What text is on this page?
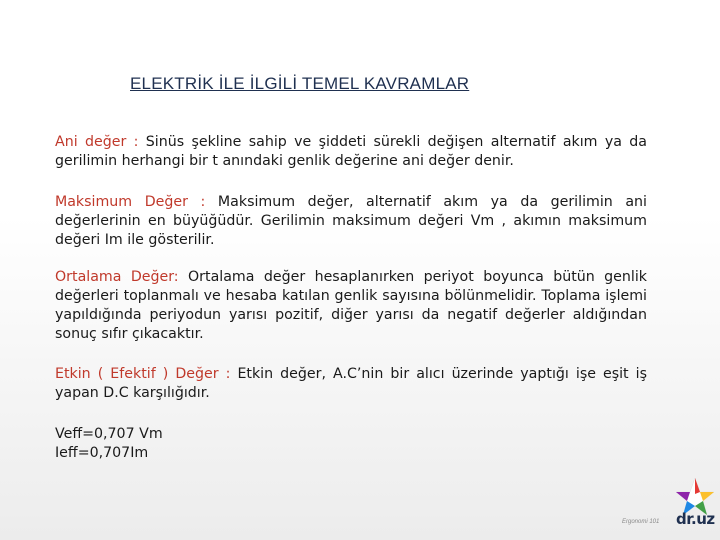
ELEKTRİK İLE İLGİLİ TEMEL KAVRAMLAR
Ani değer : Sinüs şekline sahip ve şiddeti sürekli değişen alternatif akım ya da gerilimin herhangi bir t anındaki genlik değerine ani değer denir.
Maksimum Değer : Maksimum değer, alternatif akım ya da gerilimin ani değerlerinin en büyüğüdür. Gerilimin maksimum değeri Vm , akımın maksimum değeri Im ile gösterilir.
Ortalama Değer: Ortalama değer hesaplanırken periyot boyunca bütün genlik değerleri toplanmalı ve hesaba katılan genlik sayısına bölünmelidir. Toplama işlemi yapıldığında periyodun yarısı pozitif, diğer yarısı da negatif değerler aldığından sonuç sıfır çıkacaktır.
Etkin ( Efektif ) Değer : Etkin değer, A.C’nin bir alıcı üzerinde yaptığı işe eşit iş yapan D.C karşılığıdır.
Veff=0,707 Vm
Ieff=0,707Im
Ergonomi 101 dr.uz
